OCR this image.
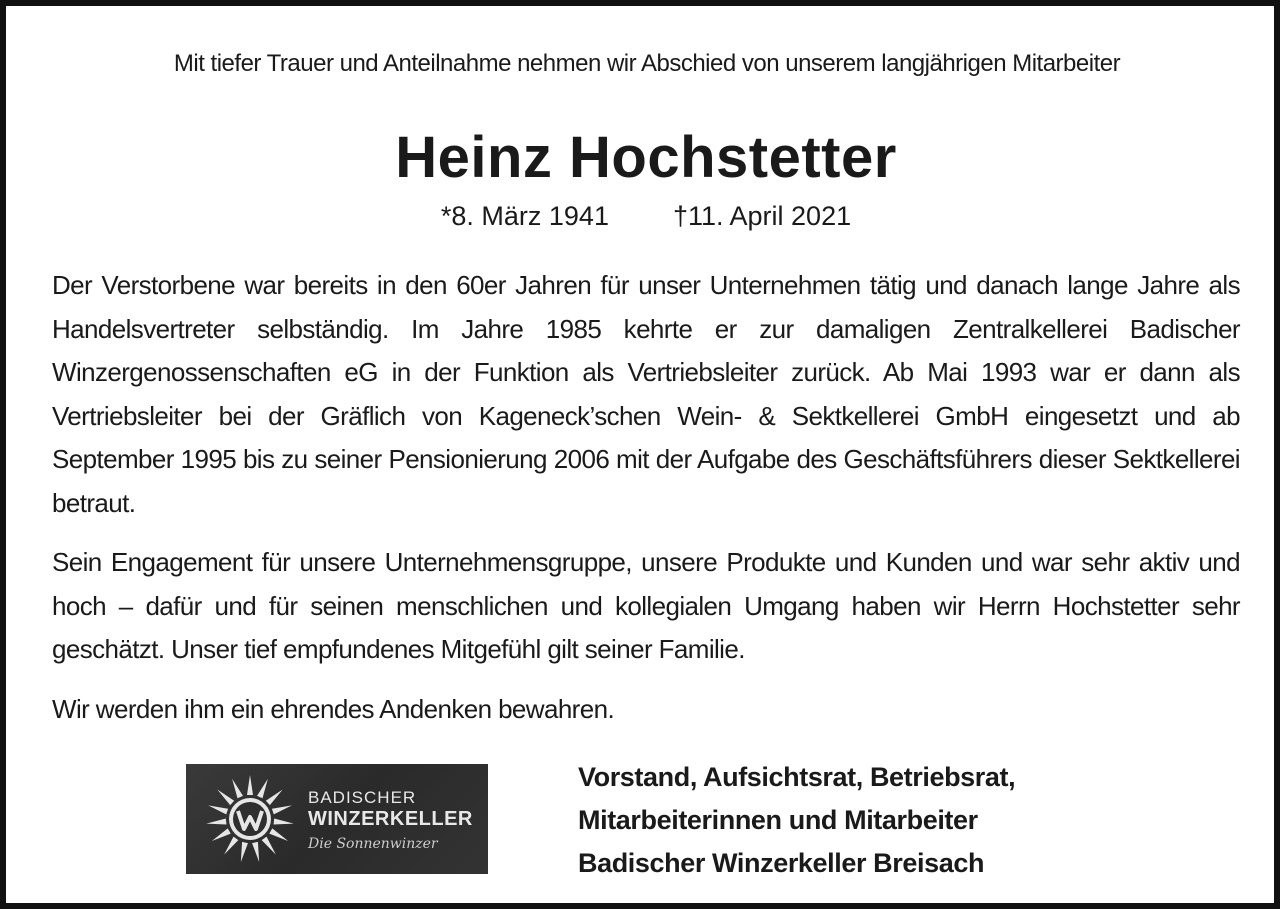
Mit tiefer Trauer und Anteilnahme nehmen wir Abschied von unserem langjährigen Mitarbeiter
Heinz Hochstetter
*8. März 1941 †11. April 2021
Der Verstorbene war bereits in den 60er Jahren für unser Unternehmen tätig und danach lange Jahre als Handelsvertreter selbständig. Im Jahre 1985 kehrte er zur damaligen Zentralkellerei Badischer Winzergenossenschaften eG in der Funktion als Vertriebsleiter zurück. Ab Mai 1993 war er dann als Vertriebsleiter bei der Gräflich von Kageneck’schen Wein- & Sektkellerei GmbH eingesetzt und ab September 1995 bis zu seiner Pensionierung 2006 mit der Aufgabe des Geschäftsführers dieser Sektkellerei betraut.
Sein Engagement für unsere Unternehmensgruppe, unsere Produkte und Kunden und war sehr aktiv und hoch – dafür und für seinen menschlichen und kollegialen Umgang haben wir Herrn Hochstetter sehr geschätzt. Unser tief empfundenes Mitgefühl gilt seiner Familie.
Wir werden ihm ein ehrendes Andenken bewahren.
BADISCHER
WINZERKELLER
Die Sonnenwinzer
Vorstand, Aufsichtsrat, Betriebsrat,
Mitarbeiterinnen und Mitarbeiter
Badischer Winzerkeller Breisach
